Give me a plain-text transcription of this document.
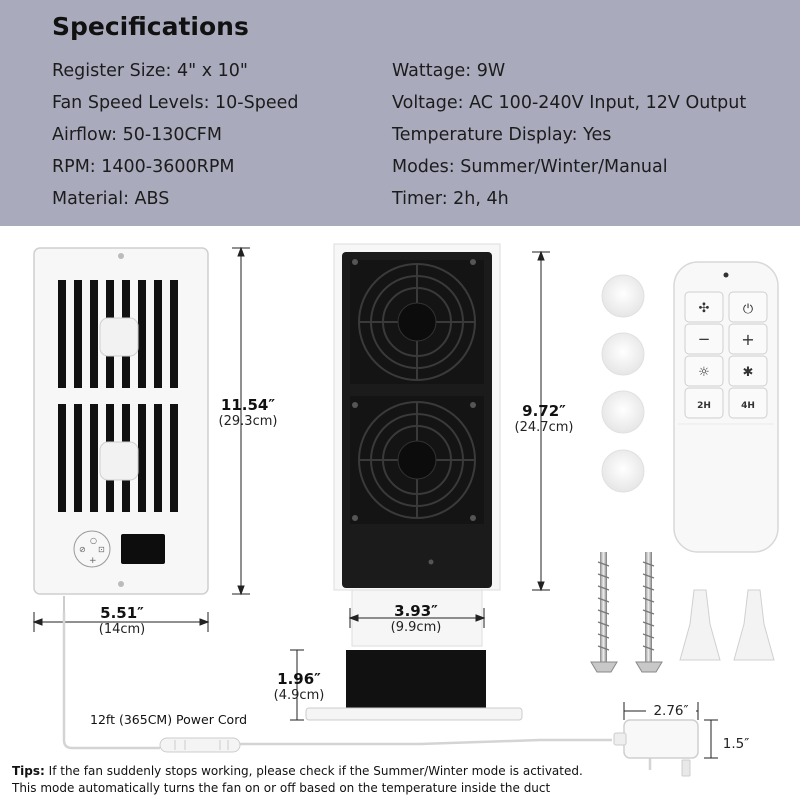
Specifications
Register Size: 4" x 10"
Fan Speed Levels: 10-Speed
Airflow: 50-130CFM
RPM: 1400-3600RPM
Material: ABS
Wattage: 9W
Voltage: AC 100-240V Input, 12V Output
Temperature Display: Yes
Modes: Summer/Winter/Manual
Timer: 2h, 4h
⊘
○
⊡
+
✣	⏻
− +
☼	✱
2H	4H
11.54″
(29.3cm)
5.51″
(14cm)
9.72″
(24.7cm)
3.93″
(9.9cm)
1.96″
(4.9cm)
2.76″
1.5″
12ft (365CM) Power Cord
Tips: If the fan suddenly stops working, please check if the Summer/Winter mode is activated.
This mode automatically turns the fan on or off based on the temperature inside the duct
